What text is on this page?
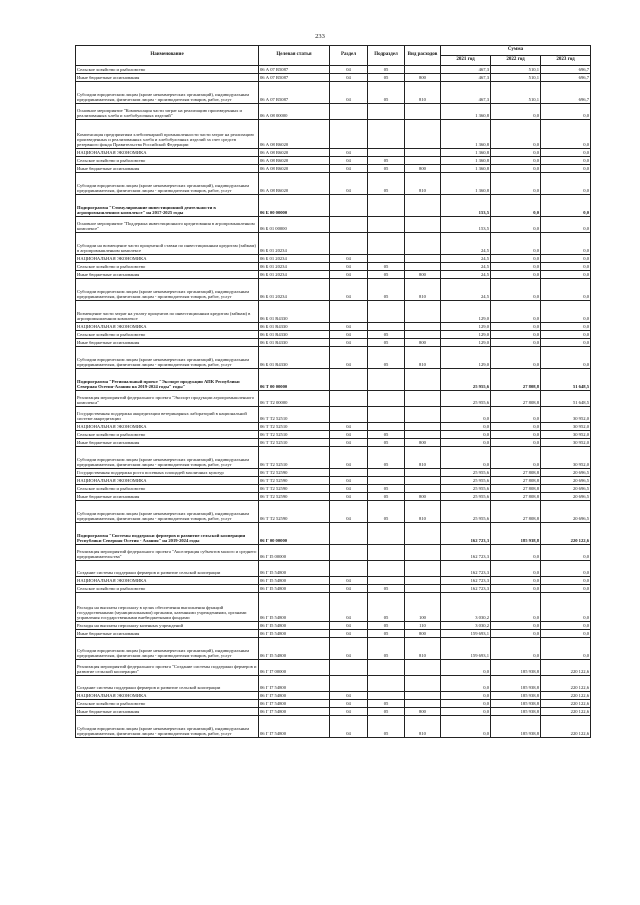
233
Наименование	Целевая статья	Раздел	Подраздел	Вид расходов	Сумма		
					2021 год	2022 год	2023 год
Сельское хозяйство и рыболовство	06 А 07 R5087	04	05		467,3	510,1	696,7
Иные бюджетные ассигнования	06 А 07 R5087	04	05	800	467,3	510,1	696,7
Субсидии юридическим лицам (кроме некоммерческих организаций), индивидуальным предпринимателям, физическим лицам - производителям товаров, работ, услуг	06 А 07 R5087	04	05	810	467,3	510,1	696,7
Основное мероприятие "Компенсация части затрат на реализацию произведенных и реализованных хлеба и хлебобулочных изделий"	06 А 08 00000				1 360,8	0,0	0,0
Компенсация предприятиям хлебопекарной промышленности части затрат на реализацию произведенных и реализованных хлеба и хлебобулочных изделий за счет средств резервного фонда Правительства Российской Федерации	06 А 08 R6020				1 360,8	0,0	0,0
НАЦИОНАЛЬНАЯ ЭКОНОМИКА	06 А 08 R6020	04			1 360,8	0,0	0,0
Сельское хозяйство и рыболовство	06 А 08 R6020	04	05		1 360,8	0,0	0,0
Иные бюджетные ассигнования	06 А 08 R6020	04	05	800	1 360,8	0,0	0,0
Субсидии юридическим лицам (кроме некоммерческих организаций), индивидуальным предпринимателям, физическим лицам - производителям товаров, работ, услуг	06 А 08 R6020	04	05	810	1 360,8	0,0	0,0
Подпрограмма "Стимулирование инвестиционной деятельности в агропромышленном комплексе" на 2017-2025 годы	06 Б 00 00000				153,5	0,0	0,0
Основное мероприятие "Поддержка инвестиционного кредитования в агропромышленном комплексе"	06 Б 01 00000				153,5	0,0	0,0
Субсидии на возмещение части процентной ставки по инвестиционным кредитам (займам) в агропромышленном комплексе	06 Б 01 20234				24,5	0,0	0,0
НАЦИОНАЛЬНАЯ ЭКОНОМИКА	06 Б 01 20234	04			24,5	0,0	0,0
Сельское хозяйство и рыболовство	06 Б 01 20234	04	05		24,5	0,0	0,0
Иные бюджетные ассигнования	06 Б 01 20234	04	05	800	24,5	0,0	0,0
Субсидии юридическим лицам (кроме некоммерческих организаций), индивидуальным предпринимателям, физическим лицам - производителям товаров, работ, услуг	06 Б 01 20234	04	05	810	24,5	0,0	0,0
Возмещение части затрат на уплату процентов по инвестиционным кредитам (займам) в агропромышленном комплексе	06 Б 01 R4330				129,0	0,0	0,0
НАЦИОНАЛЬНАЯ ЭКОНОМИКА	06 Б 01 R4330	04			129,0	0,0	0,0
Сельское хозяйство и рыболовство	06 Б 01 R4330	04	05		129,0	0,0	0,0
Иные бюджетные ассигнования	06 Б 01 R4330	04	05	800	129,0	0,0	0,0
Субсидии юридическим лицам (кроме некоммерческих организаций), индивидуальным предпринимателям, физическим лицам - производителям товаров, работ, услуг	06 Б 01 R4330	04	05	810	129,0	0,0	0,0
Подпрограмма "Региональный проект "Экспорт продукции АПК Республики Северная Осетия-Алания на 2019-2024 годы" годы"	06 Т 00 00000				25 955,6	27 808,8	51 648,5
Реализация мероприятий федерального проекта "Экспорт продукции агропромышленного комплекса"	06 Т Т2 00000				25 955,6	27 808,8	51 648,5
Государственная поддержка аккредитации ветеринарных лабораторий в национальной системе аккредитации	06 Т Т2 52510				0,0	0,0	30 952,0
НАЦИОНАЛЬНАЯ ЭКОНОМИКА	06 Т Т2 52510	04			0,0	0,0	30 952,0
Сельское хозяйство и рыболовство	06 Т Т2 52510	04	05		0,0	0,0	30 952,0
Иные бюджетные ассигнования	06 Т Т2 52510	04	05	800	0,0	0,0	30 952,0
Субсидии юридическим лицам (кроме некоммерческих организаций), индивидуальным предпринимателям, физическим лицам - производителям товаров, работ, услуг	06 Т Т2 52510	04	05	810	0,0	0,0	30 952,0
Государственная поддержка роста посевных площадей масличных культур	06 Т Т2 52590				25 955,6	27 808,8	20 696,5
НАЦИОНАЛЬНАЯ ЭКОНОМИКА	06 Т Т2 52590	04			25 955,6	27 808,8	20 696,5
Сельское хозяйство и рыболовство	06 Т Т2 52590	04	05		25 955,6	27 808,8	20 696,5
Иные бюджетные ассигнования	06 Т Т2 52590	04	05	800	25 955,6	27 808,8	20 696,5
Субсидии юридическим лицам (кроме некоммерческих организаций), индивидуальным предпринимателям, физическим лицам - производителям товаров, работ, услуг	06 Т Т2 52590	04	05	810	25 955,6	27 808,8	20 696,5
Подпрограмма "Системы поддержки фермеров и развитие сельской кооперации Республики Северная Осетия - Алания" на 2019-2024 годы	06 Г 00 00000				162 723,3	185 938,8	220 122,6
Реализация мероприятий федерального проекта "Акселерация субъектов малого и среднего предпринимательства"	06 Г I5 00000				162 723,3	0,0	0,0
Создание системы поддержки фермеров и развитие сельской кооперации	06 Г I5 54800				162 723,3	0,0	0,0
НАЦИОНАЛЬНАЯ ЭКОНОМИКА	06 Г I5 54800	04			162 723,3	0,0	0,0
Сельское хозяйство и рыболовство	06 Г I5 54800	04	05		162 723,3	0,0	0,0
Расходы на выплаты персоналу в целях обеспечения выполнения функций государственными (муниципальными) органами, казенными учреждениями, органами управления государственными внебюджетными фондами	06 Г I5 54800	04	05	100	3 030,2	0,0	0,0
Расходы на выплаты персоналу казенных учреждений	06 Г I5 54800	04	05	110	3 030,2	0,0	0,0
Иные бюджетные ассигнования	06 Г I5 54800	04	05	800	159 693,1	0,0	0,0
Субсидии юридическим лицам (кроме некоммерческих организаций), индивидуальным предпринимателям, физическим лицам - производителям товаров, работ, услуг	06 Г I5 54800	04	05	810	159 693,1	0,0	0,0
Реализация мероприятий федерального проекта "Создание системы поддержки фермеров и развитие сельской кооперации"	06 Г I7 00000				0,0	185 938,8	220 122,6
Создание системы поддержки фермеров и развитие сельской кооперации	06 Г I7 54800				0,0	185 938,8	220 122,6
НАЦИОНАЛЬНАЯ ЭКОНОМИКА	06 Г I7 54800	04			0,0	185 938,8	220 122,6
Сельское хозяйство и рыболовство	06 Г I7 54800	04	05		0,0	185 938,8	220 122,6
Иные бюджетные ассигнования	06 Г I7 54800	04	05	800	0,0	185 938,8	220 122,6
Субсидии юридическим лицам (кроме некоммерческих организаций), индивидуальным предпринимателям, физическим лицам - производителям товаров, работ, услуг	06 Г I7 54800	04	05	810	0,0	185 938,8	220 122,6
